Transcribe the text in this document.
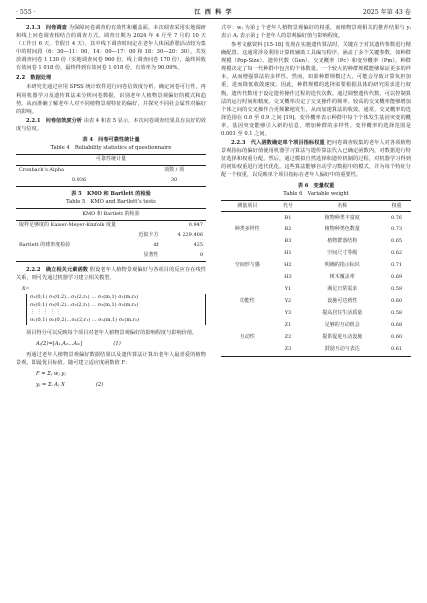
· 555 ·	江 西 科 学	2025 年第 43 卷

2.1.3　问卷调查 为保障问卷调查的有效性和覆盖面，本次调查采用实地调研和线上问卷调查相结合的调查方式。调查日期为 2024 年 4 月至 7 月的 10 天（工作日 6 天、节假日 4 天），其中线下调查时间定在老年人体闲游憩活动较为集中的时间段（6：30—11：00、14：00—17：00 和 18：30—20：30）。共发放调查问卷 1 130 份（实地调查问卷 960 份，线上调查问卷 170 份），最终回收有效问卷 1 018 份，最终得到有效问卷 1 018 份，有效率为 90.09%。

2.2　数据处理

本研究先通过应用 SPSS 统计软件进行问卷信效度分析，确定问卷可行性。再利用机器学习及遗传算法来分析问卷数据，识别老年人植物景观偏好的模式和趋势。从而准确了解老年人对不同植物景观特征的偏好，并探究不同社会属性对偏好的影响。

2.2.1　问卷信效度分析 由表 4 和表 5 显示，本次问卷调查结果具有良好的效度与信度。

表 4　问卷可靠性统计量
Table 4　Reliability statistics of questionnaire
可靠性统计量	
Cronbach’s Alpha	项数 / 项
0.936	30
表 5　KMO 和 Bartlett 的检验
Table 5　KMO and Bartlett’s tests
KMO 和 Bartlett 的检验		
取样足够度的 Kaiser-Meyer-Kmfolk 度量		0.947
	近似卡方	4 229.406
Bartlett 的球形度检验	df	425
	显著性	0

2.2.2　确立相关元素函数 假设老年人植物景观偏好与各项目的反应存在线性关系，则可先通过机器学习建立相关模型。

X=
σ₁(0,1) σ₁(0,2)…σ₁(2,r₁) … σ₁(m,1) σ₁(m,r₂)
σ₂(0,1) σ₂(0,2)…σ₂(2,r₁) … σ₂(m,1) σ₂(m,r₂)
⋮ ⋮ ⋮ ⋮ ⋮
σₙ(0,1) σₙ(0,2)…σₙ(2,r₁) … σₙ(m,1) σₙ(m,r₂)

项目得分可以反映每个项目对老年人植物景观偏好的影响程度与影响价值。

Aⱼ(2)=[A₁,A₂…Aₘ]　　　　　　(1)

再通过老年人植物景观偏好数据结果以及遗传算法计算出老年人最喜爱的植物景观，即最优目标值。随可建立适应度函数值 F：

F = Σⱼ wⱼ yⱼ
yⱼ = Σᵢ Aⱼ X　　　　　　(2)

式中：wⱼ 为第 j 个老年人植物景观偏好的权重，而植物景观相关的推荐结果与 yⱼ 表示 Aⱼ 表示第 j 个老年人的景观偏好值与影响程度。

参考文献资料 [15-18] 发现在实施遗传算法时，关键在于对其遗传参数进行精确配置。这通常涉及利用计算机辅助工具编写程序，涵盖了多个关键参数，如种群规模（Pop-Size）、遗传代数（Gen）、交叉概率（Pc）和变异概率（Pm）。种群规模决定了每一代种群中包含的个体数量。一个较大的种群规模能够保证更多的样本，从而增强算法的多样性。然而，如果种群规模过大，可能会导致计算负担加重，进而降低收敛速度。因此，种群规模的选择需要根据具体的研究需求进行权衡。遗传代数用于设定遗传操作过程的迭代次数。通过调整遗传代数，可以控制算法的运行时间和精度。交叉概率决定了交叉操作的频率。较高的交叉概率能够增加个体之间的交叉操作合更频繁地发生，从而加速算法的收敛。通常，交叉概率的选择范围在 0.6 至 0.9 之间 [19]。变异概率表示种群中每个个体发生基因突变的概率。基因突变能够引入新的信息，增加种群的多样性。变异概率的选择范围是 0.001 至 0.1 之间。

2.2.3　代入函数确定单个项目指标权重 把问卷调查收集的老年人对各项植物景观指标的偏好值使用机器学习算法与遗传算法代入已确定函数内，对数据进行特征选择和权重分配。然后，通过模拟自然选择和遗传机制的过程，对机器学习得到的初始权重进行选代优化。这些算法能够自动学习数据中的模式，并为每个特征分配一个权重，以反映单个项目指标在老年人偏好中的重要性。

表 6　变量权重
Table 6　Variable weight
测量项目	代号	名称	权重
种类多样性	B1	植物种类丰富度	0.76
	B2	植物种类色数量	0.73
	B3	植物群落结构	0.65
空间形与感	H1	空间尺寸等级	0.62
	H2	明确的指示标识	0.71
	H3	树木覆盖率	0.69
功能性	Y1	满足日常需求	0.59
	Y2	设施可达到性	0.60
	Y3	提高居住生活质量	0.58
互动性	Z1	足够的互动机会	0.68
	Z2	提供促进互动设施	0.60
	Z3	鼓励互动与表达	0.61
